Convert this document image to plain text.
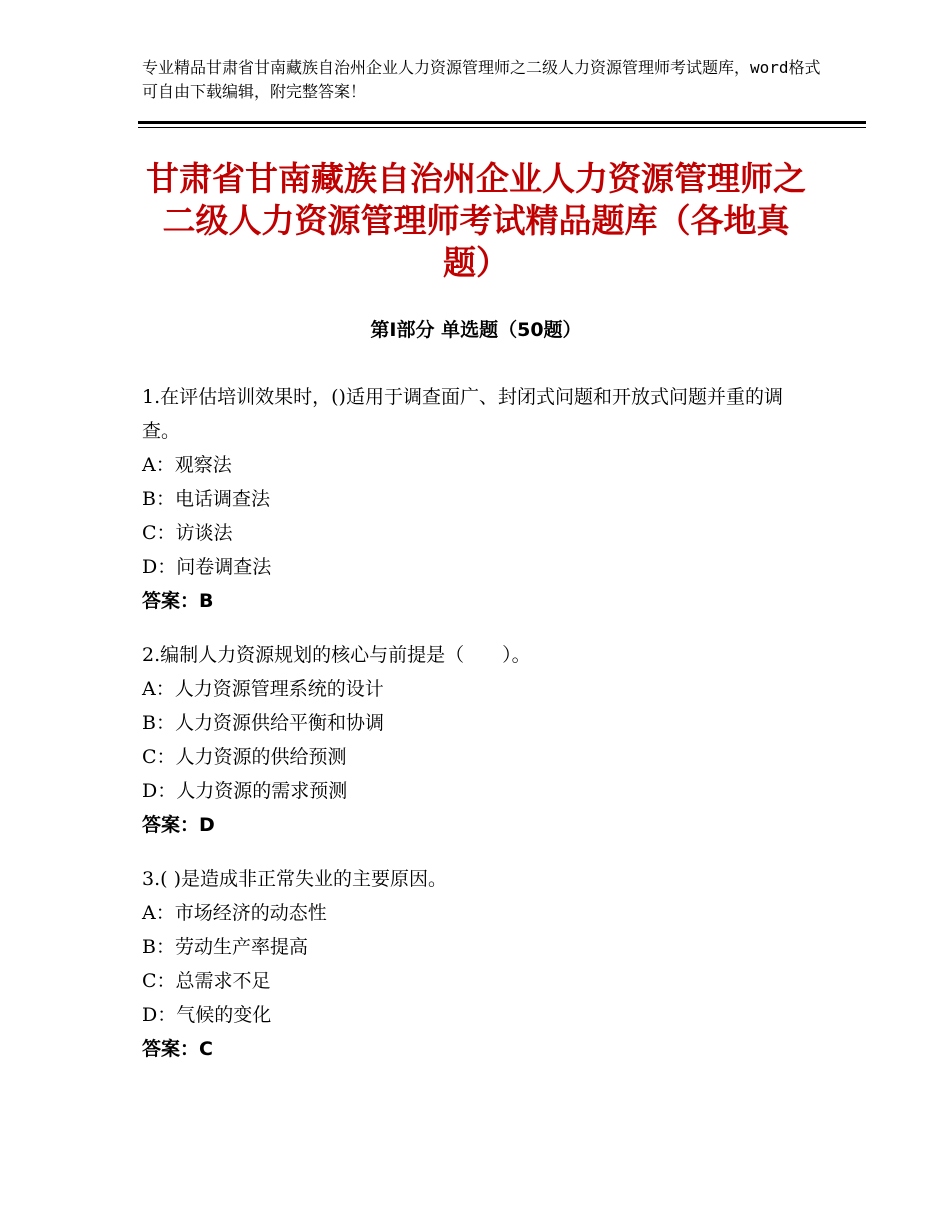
专业精品甘肃省甘南藏族自治州企业人力资源管理师之二级人力资源管理师考试题库，word格式可自由下载编辑，附完整答案！
甘肃省甘南藏族自治州企业人力资源管理师之二级人力资源管理师考试精品题库（各地真题）
第Ⅰ部分 单选题（50题）
1.在评估培训效果时，()适用于调查面广、封闭式问题和开放式问题并重的调查。
A：观察法
B：电话调查法
C：访谈法
D：问卷调查法
答案：B
2.编制人力资源规划的核心与前提是（　　）。
A：人力资源管理系统的设计
B：人力资源供给平衡和协调
C：人力资源的供给预测
D：人力资源的需求预测
答案：D
3.( )是造成非正常失业的主要原因。
A：市场经济的动态性
B：劳动生产率提高
C：总需求不足
D：气候的变化
答案：C
